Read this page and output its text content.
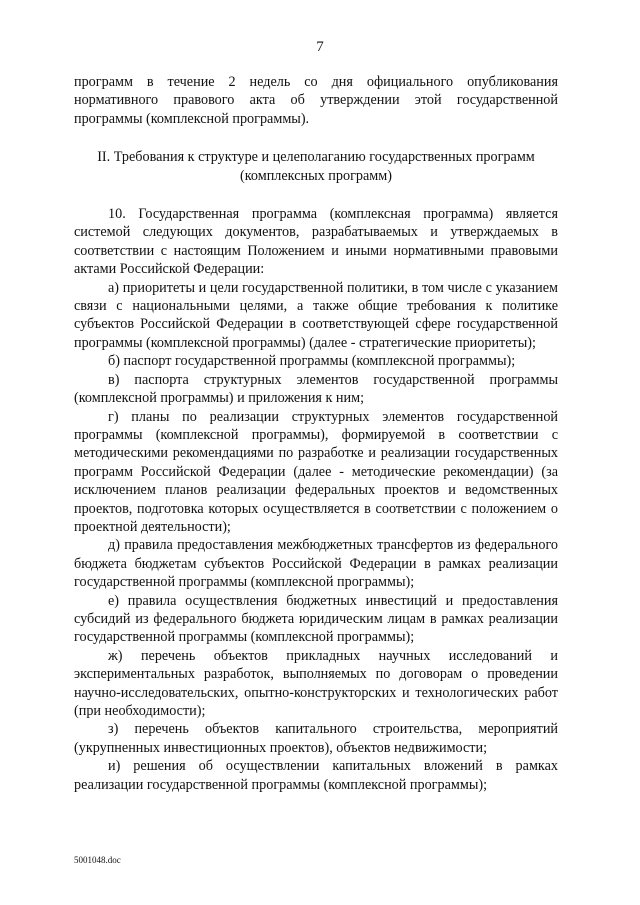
7

программ в течение 2 недель со дня официального опубликования нормативного правового акта об утверждении этой государственной программы (комплексной программы).

II. Требования к структуре и целеполаганию государственных программ (комплексных программ)

10. Государственная программа (комплексная программа) является системой следующих документов, разрабатываемых и утверждаемых в соответствии с настоящим Положением и иными нормативными правовыми актами Российской Федерации:

а) приоритеты и цели государственной политики, в том числе с указанием связи с национальными целями, а также общие требования к политике субъектов Российской Федерации в соответствующей сфере государственной программы (комплексной программы) (далее - стратегические приоритеты);

б) паспорт государственной программы (комплексной программы);

в) паспорта структурных элементов государственной программы (комплексной программы) и приложения к ним;

г) планы по реализации структурных элементов государственной программы (комплексной программы), формируемой в соответствии с методическими рекомендациями по разработке и реализации государственных программ Российской Федерации (далее - методические рекомендации) (за исключением планов реализации федеральных проектов и ведомственных проектов, подготовка которых осуществляется в соответствии с положением о проектной деятельности);

д) правила предоставления межбюджетных трансфертов из федерального бюджета бюджетам субъектов Российской Федерации в рамках реализации государственной программы (комплексной программы);

е) правила осуществления бюджетных инвестиций и предоставления субсидий из федерального бюджета юридическим лицам в рамках реализации государственной программы (комплексной программы);

ж) перечень объектов прикладных научных исследований и экспериментальных разработок, выполняемых по договорам о проведении научно-исследовательских, опытно-конструкторских и технологических работ (при необходимости);

з) перечень объектов капитального строительства, мероприятий (укрупненных инвестиционных проектов), объектов недвижимости;

и) решения об осуществлении капитальных вложений в рамках реализации государственной программы (комплексной программы);

5001048.doc
